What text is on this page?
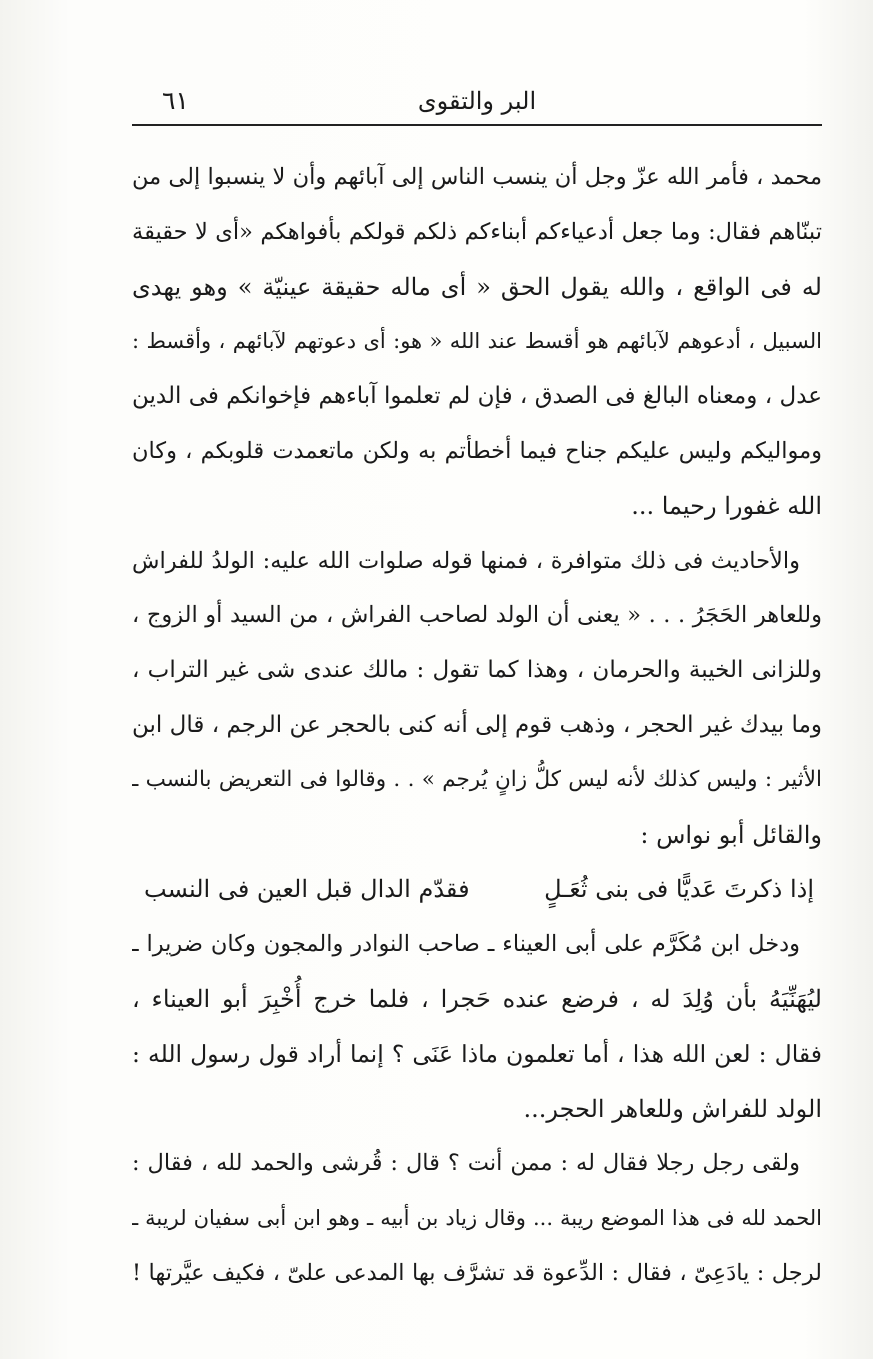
البر والتقوى
٦١
محمد ، فأمر الله عزّ وجل أن ينسب الناس إلى آبائهم وأن لا ينسبوا إلى من
تبنّاهم فقال: وما جعل أدعياءكم أبناءكم ذلكم قولكم بأفواهكم «أى لا حقيقة
له فى الواقع ، والله يقول الحق « أى ماله حقيقة عينيّة » وهو يهدى
السبيل ، أدعوهم لآبائهم هو أقسط عند الله « هو: أى دعوتهم لآبائهم ، وأقسط :
عدل ، ومعناه البالغ فى الصدق ، فإن لم تعلموا آباءهم فإخوانكم فى الدين
ومواليكم وليس عليكم جناح فيما أخطأتم به ولكن ماتعمدت قلوبكم ، وكان
الله غفورا رحيما ...
والأحاديث فى ذلك متوافرة ، فمنها قوله صلوات الله عليه: الولدُ للفراش
وللعاهر الحَجَرُ . . . « يعنى أن الولد لصاحب الفراش ، من السيد أو الزوج ،
وللزانى الخيبة والحرمان ، وهذا كما تقول : مالك عندى شى غير التراب ،
وما بيدك غير الحجر ، وذهب قوم إلى أنه كنى بالحجر عن الرجم ، قال ابن
الأثير : وليس كذلك لأنه ليس كلُّ زانٍ يُرجم » . . وقالوا فى التعريض بالنسب ـ
والقائل أبو نواس :
إذا ذكرتَ عَديًّا فى بنى ثُعَـلٍ
فقدّم الدال قبل العين فى النسب
ودخل ابن مُكَرَّم على أبى العيناء ـ صاحب النوادر والمجون وكان ضريرا ـ
ليُهَنِّيَهُ بأن وُلِدَ له ، فرضع عنده حَجرا ، فلما خرج أُخْبِرَ أبو العيناء ،
فقال : لعن الله هذا ، أما تعلمون ماذا عَنَى ؟ إنما أراد قول رسول الله :
الولد للفراش وللعاهر الحجر...
ولقى رجل رجلا فقال له : ممن أنت ؟ قال : قُرشى والحمد لله ، فقال :
الحمد لله فى هذا الموضع ريبة ... وقال زياد بن أبيه ـ وهو ابن أبى سفيان لريبة ـ
لرجل : يادَعِىّ ، فقال : الدِّعوة قد تشرَّف بها المدعى علىّ ، فكيف عيَّرتها !
